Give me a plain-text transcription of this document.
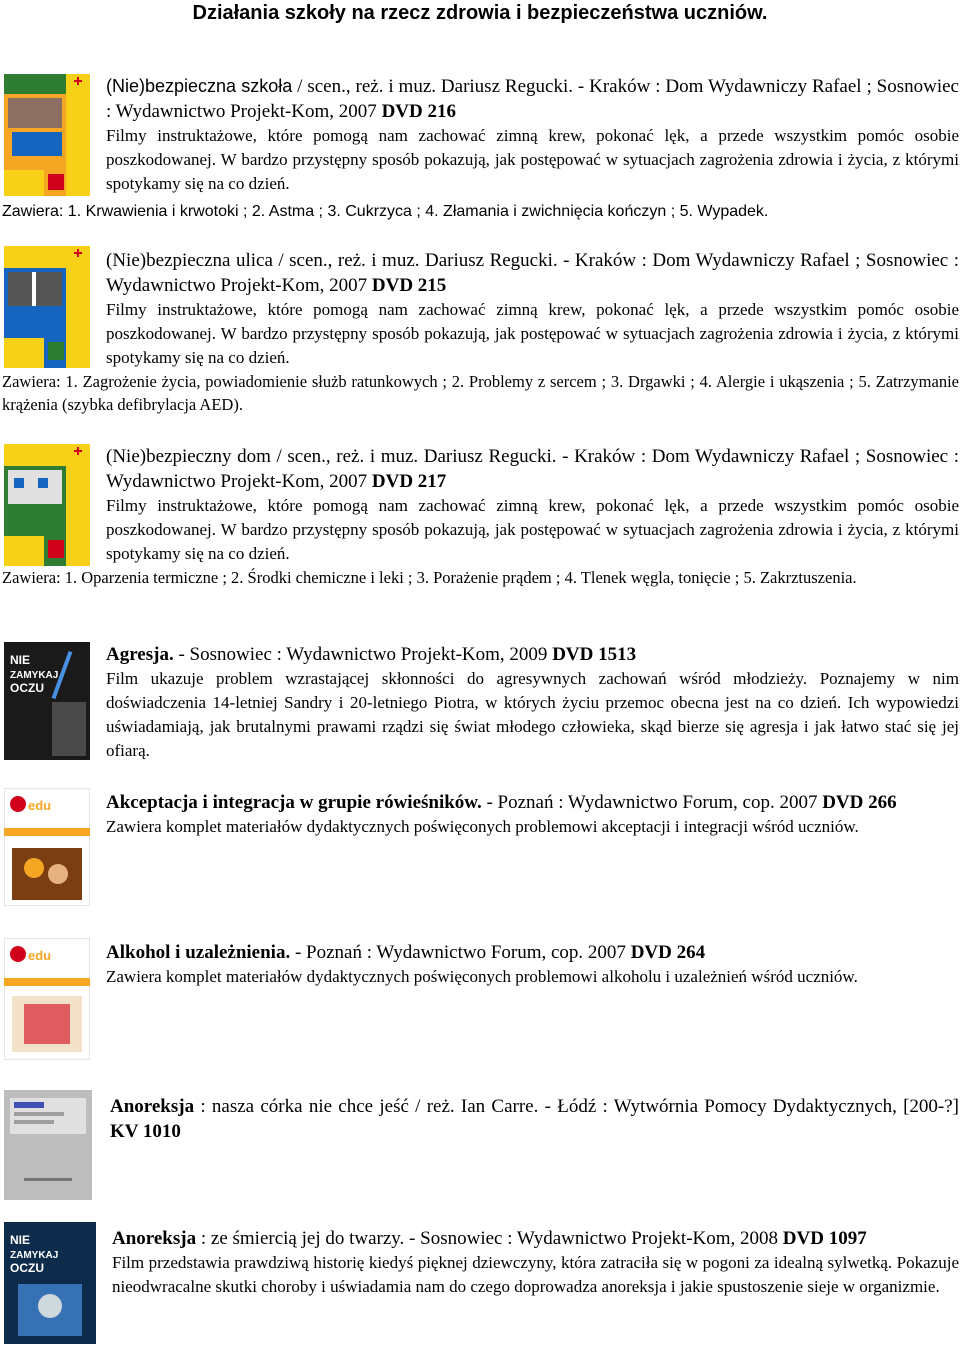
Działania szkoły na rzecz zdrowia i bezpieczeństwa uczniów.
(Nie)bezpieczna szkoła / scen., reż. i muz. Dariusz Regucki. - Kraków : Dom Wydawniczy Rafael ; Sosnowiec : Wydawnictwo Projekt-Kom, 2007 DVD 216
Filmy instruktażowe, które pomogą nam zachować zimną krew, pokonać lęk, a przede wszystkim pomóc osobie poszkodowanej. W bardzo przystępny sposób pokazują, jak postępować w sytuacjach zagrożenia zdrowia i życia, z którymi spotykamy się na co dzień.
Zawiera: 1. Krwawienia i krwotoki ; 2. Astma ; 3. Cukrzyca ; 4. Złamania i zwichnięcia kończyn ; 5. Wypadek.
(Nie)bezpieczna ulica / scen., reż. i muz. Dariusz Regucki. - Kraków : Dom Wydawniczy Rafael ; Sosnowiec : Wydawnictwo Projekt-Kom, 2007 DVD 215
Filmy instruktażowe, które pomogą nam zachować zimną krew, pokonać lęk, a przede wszystkim pomóc osobie poszkodowanej. W bardzo przystępny sposób pokazują, jak postępować w sytuacjach zagrożenia zdrowia i życia, z którymi spotykamy się na co dzień.
Zawiera: 1. Zagrożenie życia, powiadomienie służb ratunkowych ; 2. Problemy z sercem ; 3. Drgawki ; 4. Alergie i ukąszenia ; 5. Zatrzymanie krążenia (szybka defibrylacja AED).
(Nie)bezpieczny dom / scen., reż. i muz. Dariusz Regucki. - Kraków : Dom Wydawniczy Rafael ; Sosnowiec : Wydawnictwo Projekt-Kom, 2007 DVD 217
Filmy instruktażowe, które pomogą nam zachować zimną krew, pokonać lęk, a przede wszystkim pomóc osobie poszkodowanej. W bardzo przystępny sposób pokazują, jak postępować w sytuacjach zagrożenia zdrowia i życia, z którymi spotykamy się na co dzień.
Zawiera: 1. Oparzenia termiczne ; 2. Środki chemiczne i leki ; 3. Porażenie prądem ; 4. Tlenek węgla, tonięcie ; 5. Zakrztuszenia.
NIE
ZAMYKAJ
OCZU
Agresja. - Sosnowiec : Wydawnictwo Projekt-Kom, 2009 DVD 1513
Film ukazuje problem wzrastającej skłonności do agresywnych zachowań wśród młodzieży. Poznajemy w nim doświadczenia 14-letniej Sandry i 20-letniego Piotra, w których życiu przemoc obecna jest na co dzień. Ich wypowiedzi uświadamiają, jak brutalnymi prawami rządzi się świat młodego człowieka, skąd bierze się agresja i jak łatwo stać się jej ofiarą.
edu	Akceptacja i integracja w grupie rówieśników. - Poznań : Wydawnictwo Forum, cop. 2007 DVD 266
Zawiera komplet materiałów dydaktycznych poświęconych problemowi akceptacji i integracji wśród uczniów.
edu	Alkohol i uzależnienia. - Poznań : Wydawnictwo Forum, cop. 2007 DVD 264
Zawiera komplet materiałów dydaktycznych poświęconych problemowi alkoholu i uzależnień wśród uczniów.
Anoreksja : nasza córka nie chce jeść / reż. Ian Carre. - Łódź : Wytwórnia Pomocy Dydaktycznych, [200-?] KV 1010
NIE
ZAMYKAJ
OCZU
Anoreksja : ze śmiercią jej do twarzy. - Sosnowiec : Wydawnictwo Projekt-Kom, 2008 DVD 1097
Film przedstawia prawdziwą historię kiedyś pięknej dziewczyny, która zatraciła się w pogoni za idealną sylwetką. Pokazuje nieodwracalne skutki choroby i uświadamia nam do czego doprowadza anoreksja i jakie spustoszenie sieje w organizmie.
